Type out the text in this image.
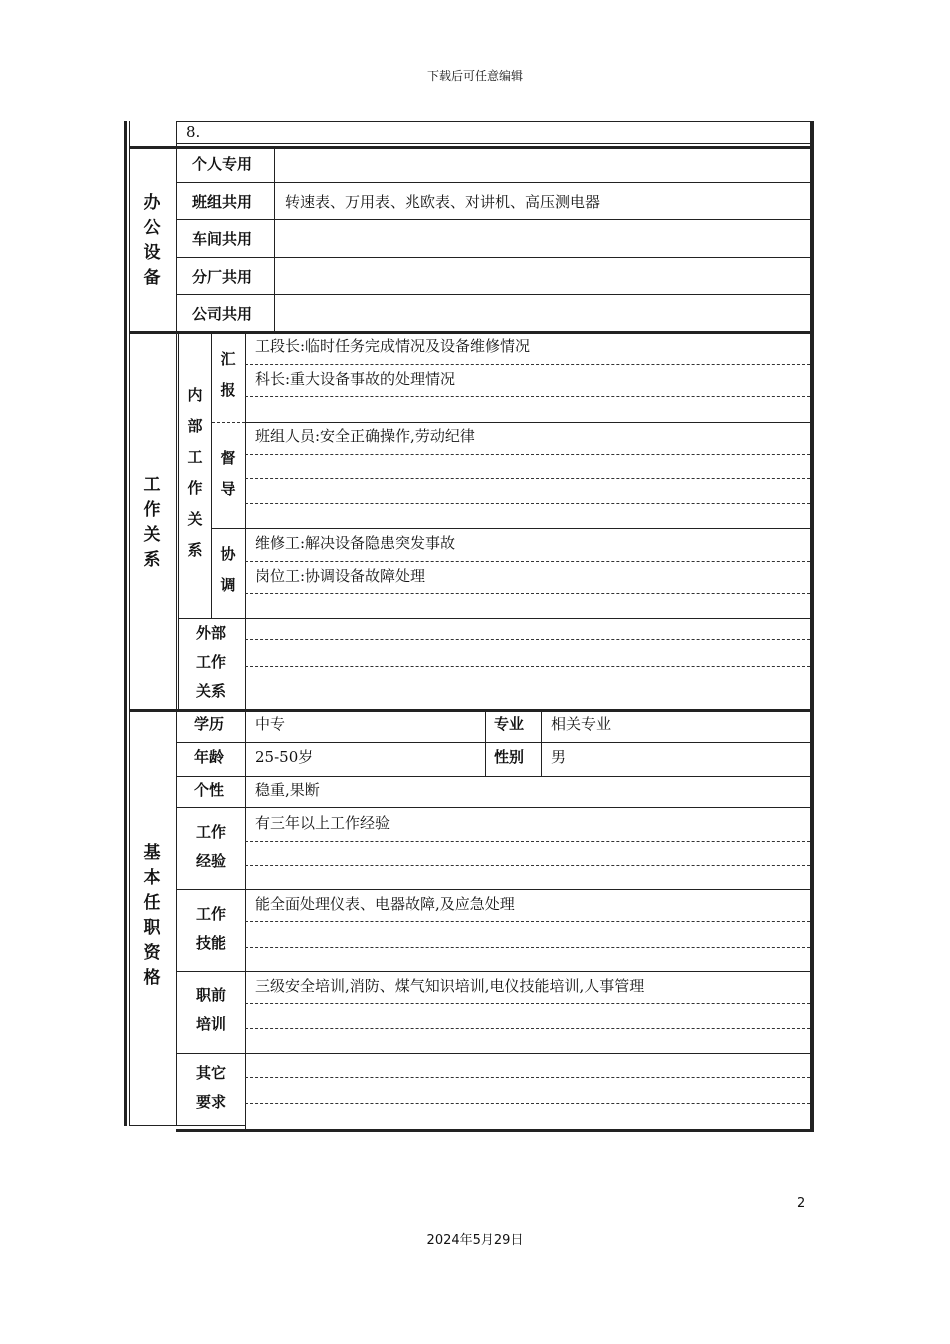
下载后可任意编辑
8.
办公设备
个人专用
班组共用 转速表、万用表、兆欧表、对讲机、高压测电器
车间共用
分厂共用
公司共用
工作关系
内部工作关系
汇报
督导
协调
工段长:临时任务完成情况及设备维修情况
科长:重大设备事故的处理情况
班组人员:安全正确操作,劳动纪律
维修工:解决设备隐患突发事故
岗位工:协调设备故障处理
外部
工作
关系
基本任职资格
学历 中专	专业 相关专业
年龄 25-50岁	性别 男
个性 稳重,果断
工作
经验
有三年以上工作经验
工作
技能
能全面处理仪表、电器故障,及应急处理
职前
培训
三级安全培训,消防、煤气知识培训,电仪技能培训,人事管理
其它
要求
2
2024年5月29日
